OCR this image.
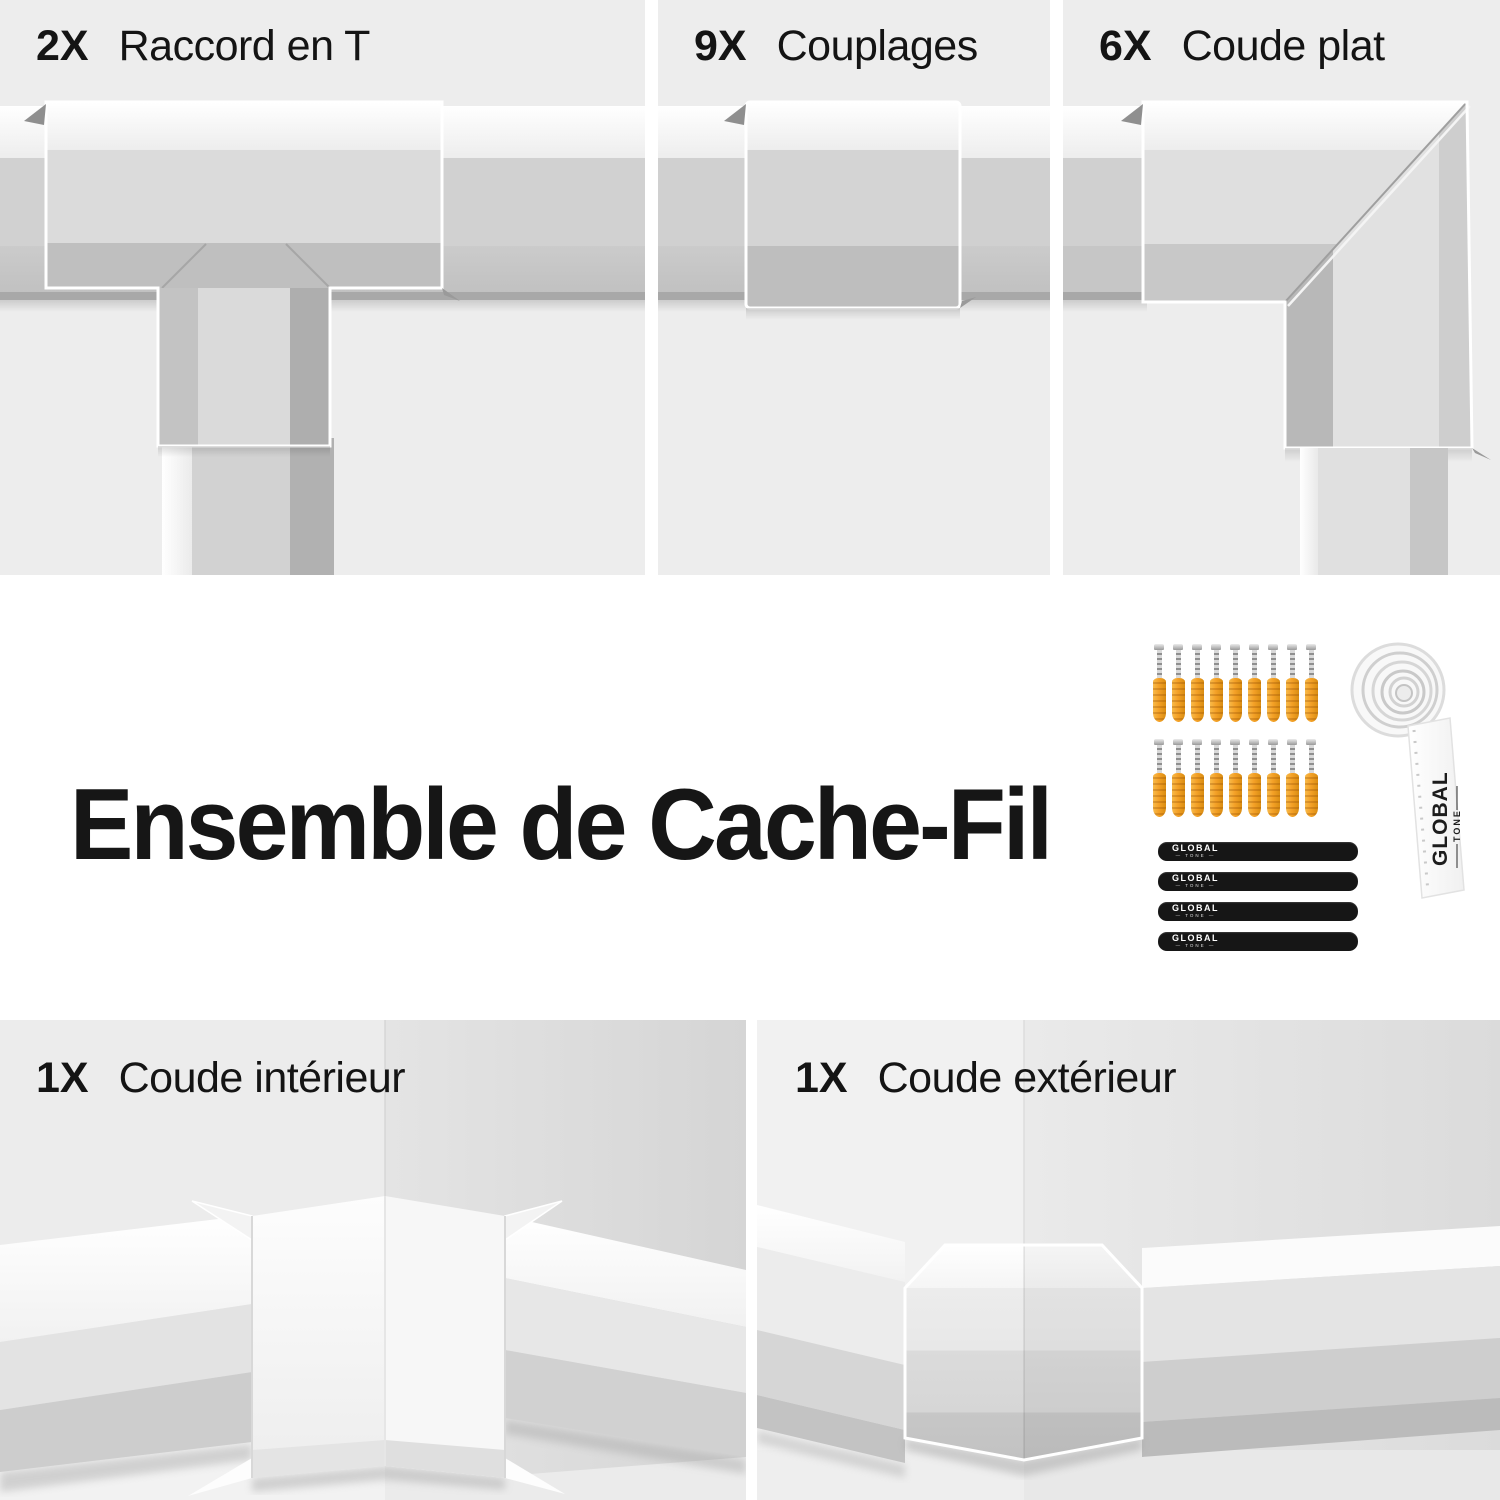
2X Raccord en T	9X Couplages	6X Coude plat
Ensemble de Cache-Fil	GLOBAL
— TONE —
GLOBAL
— TONE —
GLOBAL
— TONE —
GLOBAL
— TONE —
GLOBAL TONE
1X Coude intérieur	1X Coude extérieur
